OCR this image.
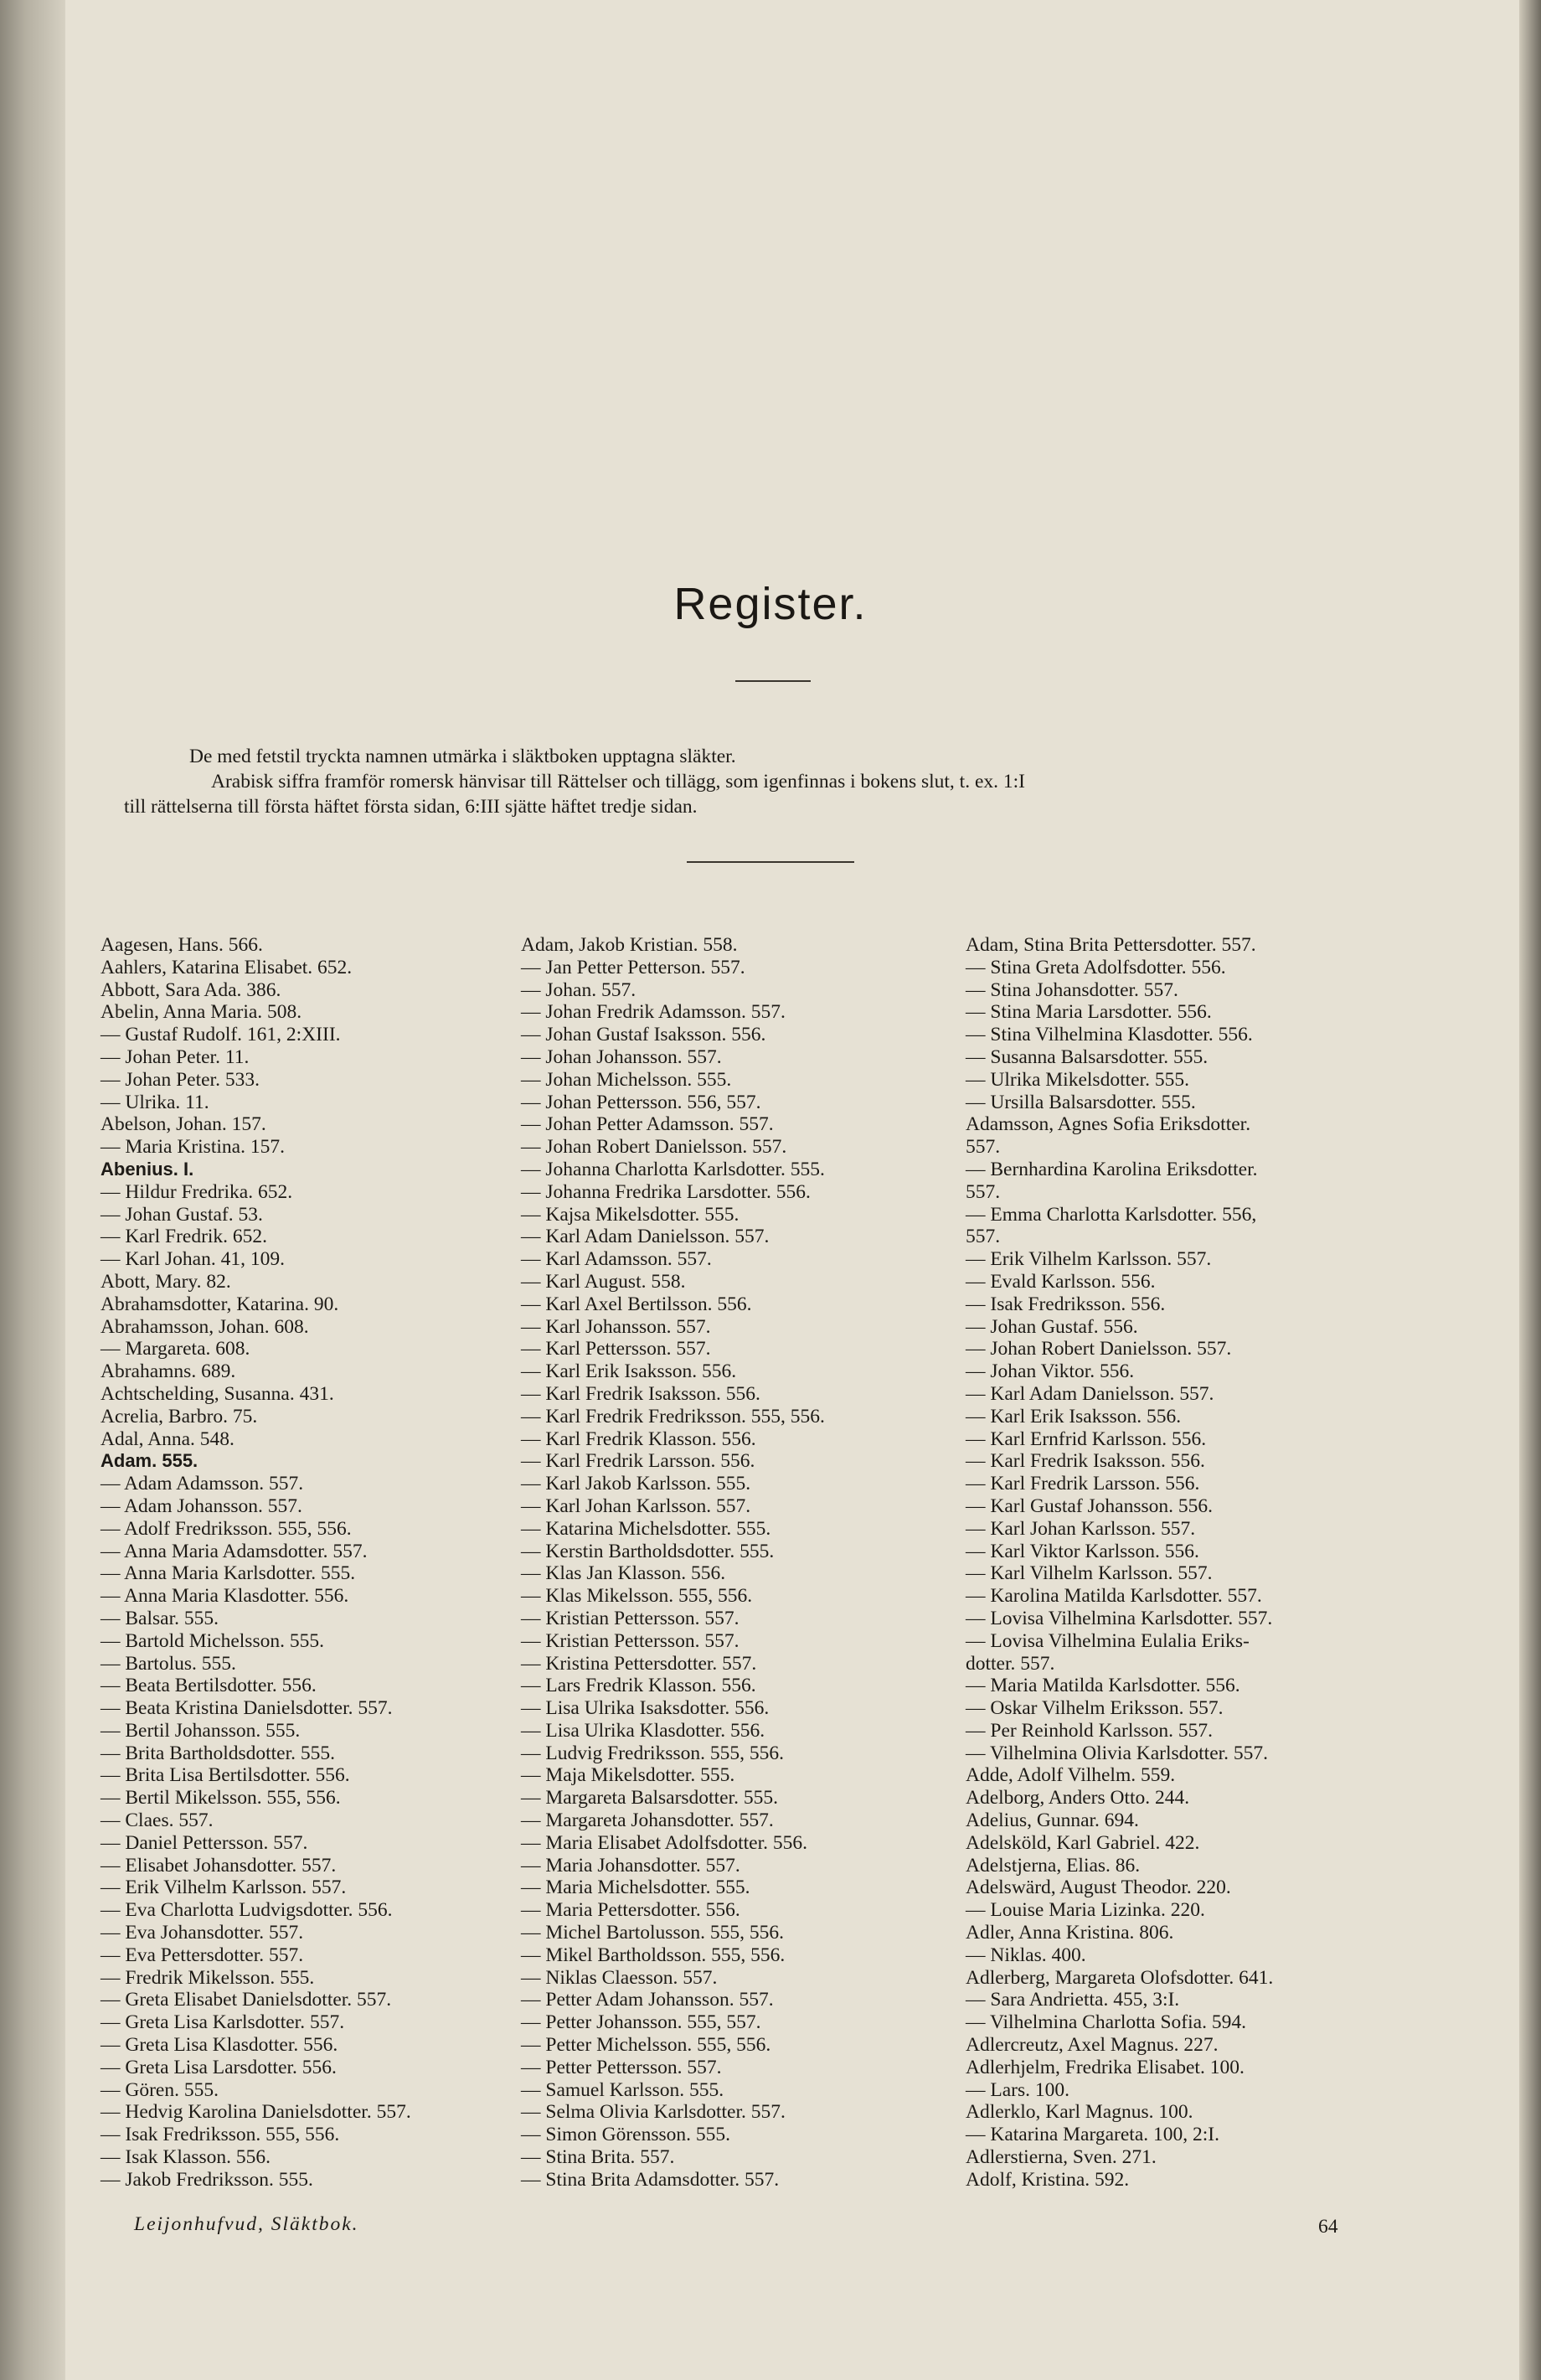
Register.
De med fetstil tryckta namnen utmärka i släktboken upptagna släkter.
Arabisk siffra framför romersk hänvisar till Rättelser och tillägg, som igenfinnas i bokens slut, t. ex. 1:I
till rättelserna till första häftet första sidan, 6:III sjätte häftet tredje sidan.
Aagesen, Hans. 566.
Aahlers, Katarina Elisabet. 652.
Abbott, Sara Ada. 386.
Abelin, Anna Maria. 508.
— Gustaf Rudolf. 161, 2:XIII.
— Johan Peter. 11.
— Johan Peter. 533.
— Ulrika. 11.
Abelson, Johan. 157.
— Maria Kristina. 157.
Abenius. I.
— Hildur Fredrika. 652.
— Johan Gustaf. 53.
— Karl Fredrik. 652.
— Karl Johan. 41, 109.
Abott, Mary. 82.
Abrahamsdotter, Katarina. 90.
Abrahamsson, Johan. 608.
— Margareta. 608.
Abrahamns. 689.
Achtschelding, Susanna. 431.
Acrelia, Barbro. 75.
Adal, Anna. 548.
Adam. 555.
— Adam Adamsson. 557.
— Adam Johansson. 557.
— Adolf Fredriksson. 555, 556.
— Anna Maria Adamsdotter. 557.
— Anna Maria Karlsdotter. 555.
— Anna Maria Klasdotter. 556.
— Balsar. 555.
— Bartold Michelsson. 555.
— Bartolus. 555.
— Beata Bertilsdotter. 556.
— Beata Kristina Danielsdotter. 557.
— Bertil Johansson. 555.
— Brita Bartholdsdotter. 555.
— Brita Lisa Bertilsdotter. 556.
— Bertil Mikelsson. 555, 556.
— Claes. 557.
— Daniel Pettersson. 557.
— Elisabet Johansdotter. 557.
— Erik Vilhelm Karlsson. 557.
— Eva Charlotta Ludvigsdotter. 556.
— Eva Johansdotter. 557.
— Eva Pettersdotter. 557.
— Fredrik Mikelsson. 555.
— Greta Elisabet Danielsdotter. 557.
— Greta Lisa Karlsdotter. 557.
— Greta Lisa Klasdotter. 556.
— Greta Lisa Larsdotter. 556.
— Gören. 555.
— Hedvig Karolina Danielsdotter. 557.
— Isak Fredriksson. 555, 556.
— Isak Klasson. 556.
— Jakob Fredriksson. 555.
Adam, Jakob Kristian. 558.
— Jan Petter Petterson. 557.
— Johan. 557.
— Johan Fredrik Adamsson. 557.
— Johan Gustaf Isaksson. 556.
— Johan Johansson. 557.
— Johan Michelsson. 555.
— Johan Pettersson. 556, 557.
— Johan Petter Adamsson. 557.
— Johan Robert Danielsson. 557.
— Johanna Charlotta Karlsdotter. 555.
— Johanna Fredrika Larsdotter. 556.
— Kajsa Mikelsdotter. 555.
— Karl Adam Danielsson. 557.
— Karl Adamsson. 557.
— Karl August. 558.
— Karl Axel Bertilsson. 556.
— Karl Johansson. 557.
— Karl Pettersson. 557.
— Karl Erik Isaksson. 556.
— Karl Fredrik Isaksson. 556.
— Karl Fredrik Fredriksson. 555, 556.
— Karl Fredrik Klasson. 556.
— Karl Fredrik Larsson. 556.
— Karl Jakob Karlsson. 555.
— Karl Johan Karlsson. 557.
— Katarina Michelsdotter. 555.
— Kerstin Bartholdsdotter. 555.
— Klas Jan Klasson. 556.
— Klas Mikelsson. 555, 556.
— Kristian Pettersson. 557.
— Kristian Pettersson. 557.
— Kristina Pettersdotter. 557.
— Lars Fredrik Klasson. 556.
— Lisa Ulrika Isaksdotter. 556.
— Lisa Ulrika Klasdotter. 556.
— Ludvig Fredriksson. 555, 556.
— Maja Mikelsdotter. 555.
— Margareta Balsarsdotter. 555.
— Margareta Johansdotter. 557.
— Maria Elisabet Adolfsdotter. 556.
— Maria Johansdotter. 557.
— Maria Michelsdotter. 555.
— Maria Pettersdotter. 556.
— Michel Bartolusson. 555, 556.
— Mikel Bartholdsson. 555, 556.
— Niklas Claesson. 557.
— Petter Adam Johansson. 557.
— Petter Johansson. 555, 557.
— Petter Michelsson. 555, 556.
— Petter Pettersson. 557.
— Samuel Karlsson. 555.
— Selma Olivia Karlsdotter. 557.
— Simon Görensson. 555.
— Stina Brita. 557.
— Stina Brita Adamsdotter. 557.
Adam, Stina Brita Pettersdotter. 557.
— Stina Greta Adolfsdotter. 556.
— Stina Johansdotter. 557.
— Stina Maria Larsdotter. 556.
— Stina Vilhelmina Klasdotter. 556.
— Susanna Balsarsdotter. 555.
— Ulrika Mikelsdotter. 555.
— Ursilla Balsarsdotter. 555.
Adamsson, Agnes Sofia Eriksdotter.
557.
— Bernhardina Karolina Eriksdotter.
557.
— Emma Charlotta Karlsdotter. 556,
557.
— Erik Vilhelm Karlsson. 557.
— Evald Karlsson. 556.
— Isak Fredriksson. 556.
— Johan Gustaf. 556.
— Johan Robert Danielsson. 557.
— Johan Viktor. 556.
— Karl Adam Danielsson. 557.
— Karl Erik Isaksson. 556.
— Karl Ernfrid Karlsson. 556.
— Karl Fredrik Isaksson. 556.
— Karl Fredrik Larsson. 556.
— Karl Gustaf Johansson. 556.
— Karl Johan Karlsson. 557.
— Karl Viktor Karlsson. 556.
— Karl Vilhelm Karlsson. 557.
— Karolina Matilda Karlsdotter. 557.
— Lovisa Vilhelmina Karlsdotter. 557.
— Lovisa Vilhelmina Eulalia Eriks-
dotter. 557.
— Maria Matilda Karlsdotter. 556.
— Oskar Vilhelm Eriksson. 557.
— Per Reinhold Karlsson. 557.
— Vilhelmina Olivia Karlsdotter. 557.
Adde, Adolf Vilhelm. 559.
Adelborg, Anders Otto. 244.
Adelius, Gunnar. 694.
Adelsköld, Karl Gabriel. 422.
Adelstjerna, Elias. 86.
Adelswärd, August Theodor. 220.
— Louise Maria Lizinka. 220.
Adler, Anna Kristina. 806.
— Niklas. 400.
Adlerberg, Margareta Olofsdotter. 641.
— Sara Andrietta. 455, 3:I.
— Vilhelmina Charlotta Sofia. 594.
Adlercreutz, Axel Magnus. 227.
Adlerhjelm, Fredrika Elisabet. 100.
— Lars. 100.
Adlerklo, Karl Magnus. 100.
— Katarina Margareta. 100, 2:I.
Adlerstierna, Sven. 271.
Adolf, Kristina. 592.
Leijonhufvud, Släktbok.	64
